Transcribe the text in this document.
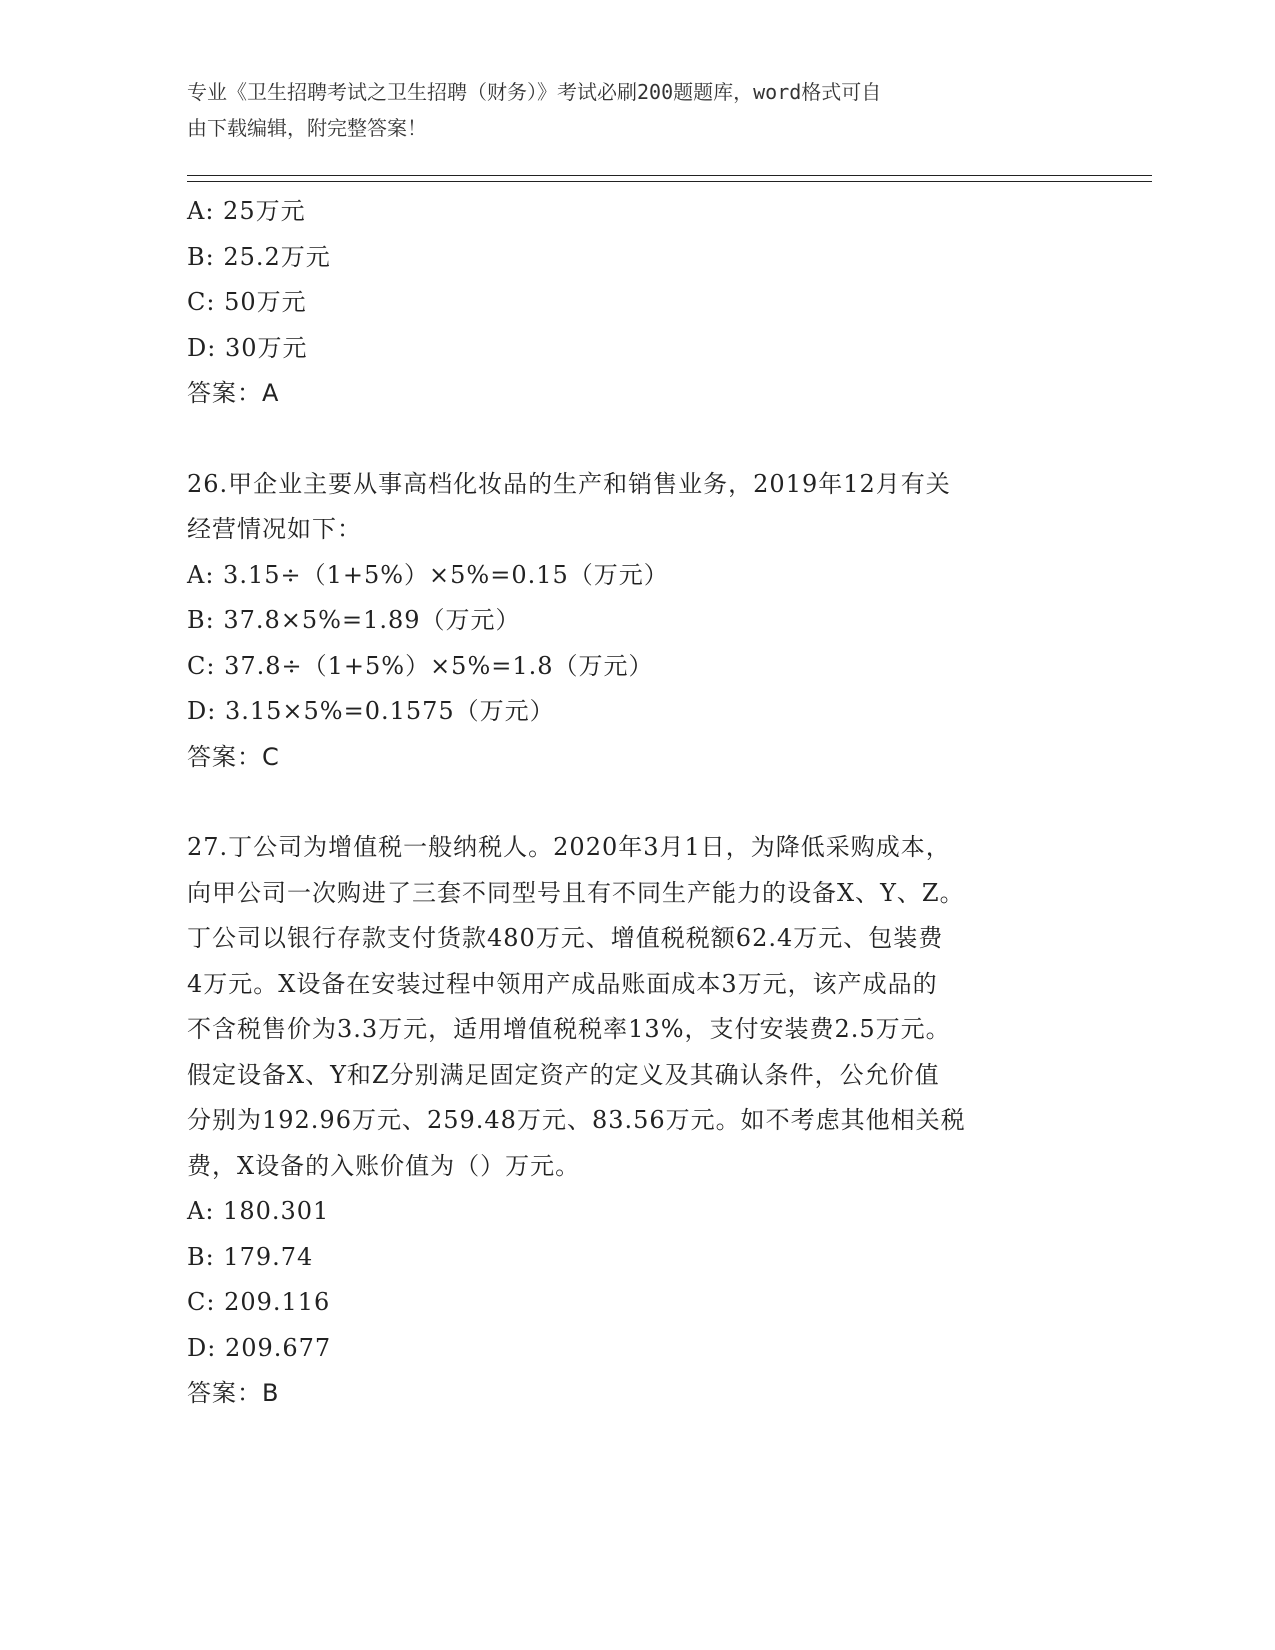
专业《卫生招聘考试之卫生招聘（财务）》考试必刷200题题库，word格式可自
由下载编辑，附完整答案！

A: 25万元

B: 25.2万元

C: 50万元

D: 30万元

答案：A

26.甲企业主要从事高档化妆品的生产和销售业务，2019年12月有关

经营情况如下：

A: 3.15÷（1+5%）×5%=0.15（万元）

B: 37.8×5%=1.89（万元）

C: 37.8÷（1+5%）×5%=1.8（万元）

D: 3.15×5%=0.1575（万元）

答案：C

27.丁公司为增值税一般纳税人。2020年3月1日，为降低采购成本，

向甲公司一次购进了三套不同型号且有不同生产能力的设备X、Y、Z。

丁公司以银行存款支付货款480万元、增值税税额62.4万元、包装费

4万元。X设备在安装过程中领用产成品账面成本3万元，该产成品的

不含税售价为3.3万元，适用增值税税率13%，支付安装费2.5万元。

假定设备X、Y和Z分别满足固定资产的定义及其确认条件，公允价值

分别为192.96万元、259.48万元、83.56万元。如不考虑其他相关税

费，X设备的入账价值为（）万元。

A: 180.301

B: 179.74

C: 209.116

D: 209.677

答案：B
